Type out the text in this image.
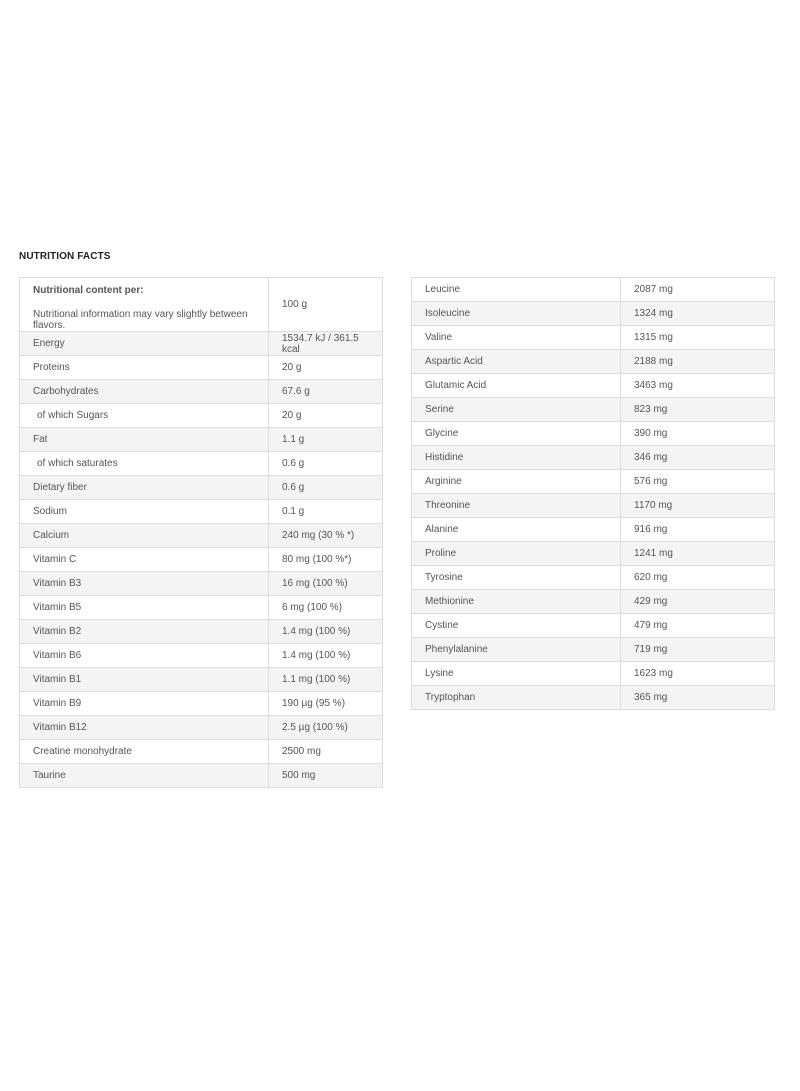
NUTRITION FACTS
Nutritional content per:
Nutritional information may vary slightly between flavors.	100 g
Energy	1534.7 kJ / 361.5 kcal
Proteins	20 g
Carbohydrates	67.6 g
of which Sugars	20 g
Fat	1.1 g
of which saturates	0.6 g
Dietary fiber	0.6 g
Sodium	0.1 g
Calcium	240 mg (30 % *)
Vitamin C	80 mg (100 %*)
Vitamin B3	16 mg (100 %)
Vitamin B5	6 mg (100 %)
Vitamin B2	1.4 mg (100 %)
Vitamin B6	1.4 mg (100 %)
Vitamin B1	1.1 mg (100 %)
Vitamin B9	190 µg (95 %)
Vitamin B12	2.5 µg (100 %)
Creatine monohydrate	2500 mg
Taurine	500 mg
Leucine	2087 mg
Isoleucine	1324 mg
Valine	1315 mg
Aspartic Acid	2188 mg
Glutamic Acid	3463 mg
Serine	823 mg
Glycine	390 mg
Histidine	346 mg
Arginine	576 mg
Threonine	1170 mg
Alanine	916 mg
Proline	1241 mg
Tyrosine	620 mg
Methionine	429 mg
Cystine	479 mg
Phenylalanine	719 mg
Lysine	1623 mg
Tryptophan	365 mg
